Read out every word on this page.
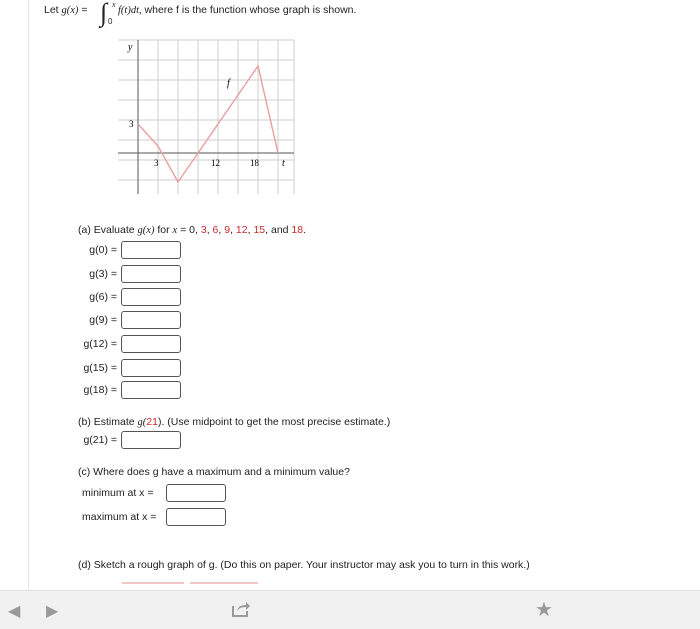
Let g(x) = ∫ x
0
f(t)dt, where f is the function whose graph is shown.
y
t
f
3
3	12	18
(a) Evaluate g(x) for x = 0, 3, 6, 9, 12, 15, and 18.
g(0) =
g(3) =
g(6) =
g(9) =
g(12) =
g(15) =
g(18) =
(b) Estimate g(21). (Use midpoint to get the most precise estimate.)
g(21) =
(c) Where does g have a maximum and a minimum value?
minimum at x =
maximum at x =
(d) Sketch a rough graph of g. (Do this on paper. Your instructor may ask you to turn in this work.)
◀ ▶	★
